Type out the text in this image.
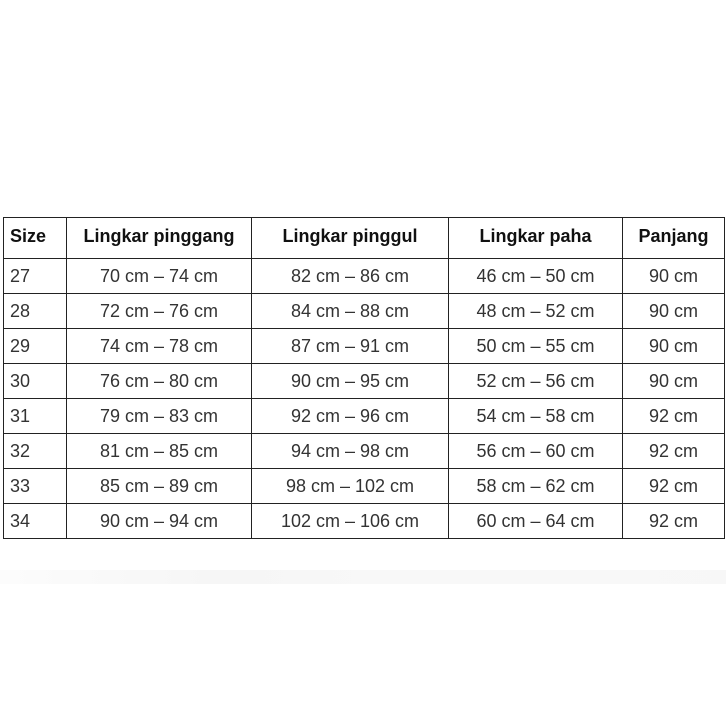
Size	Lingkar pinggang	Lingkar pinggul	Lingkar paha	Panjang
27	70 cm – 74 cm	82 cm – 86 cm	46 cm – 50 cm	90 cm
28	72 cm – 76 cm	84 cm – 88 cm	48 cm – 52 cm	90 cm
29	74 cm – 78 cm	87 cm – 91 cm	50 cm – 55 cm	90 cm
30	76 cm – 80 cm	90 cm – 95 cm	52 cm – 56 cm	90 cm
31	79 cm – 83 cm	92 cm – 96 cm	54 cm – 58 cm	92 cm
32	81 cm – 85 cm	94 cm – 98 cm	56 cm – 60 cm	92 cm
33	85 cm – 89 cm	98 cm – 102 cm	58 cm – 62 cm	92 cm
34	90 cm – 94 cm	102 cm – 106 cm	60 cm – 64 cm	92 cm
